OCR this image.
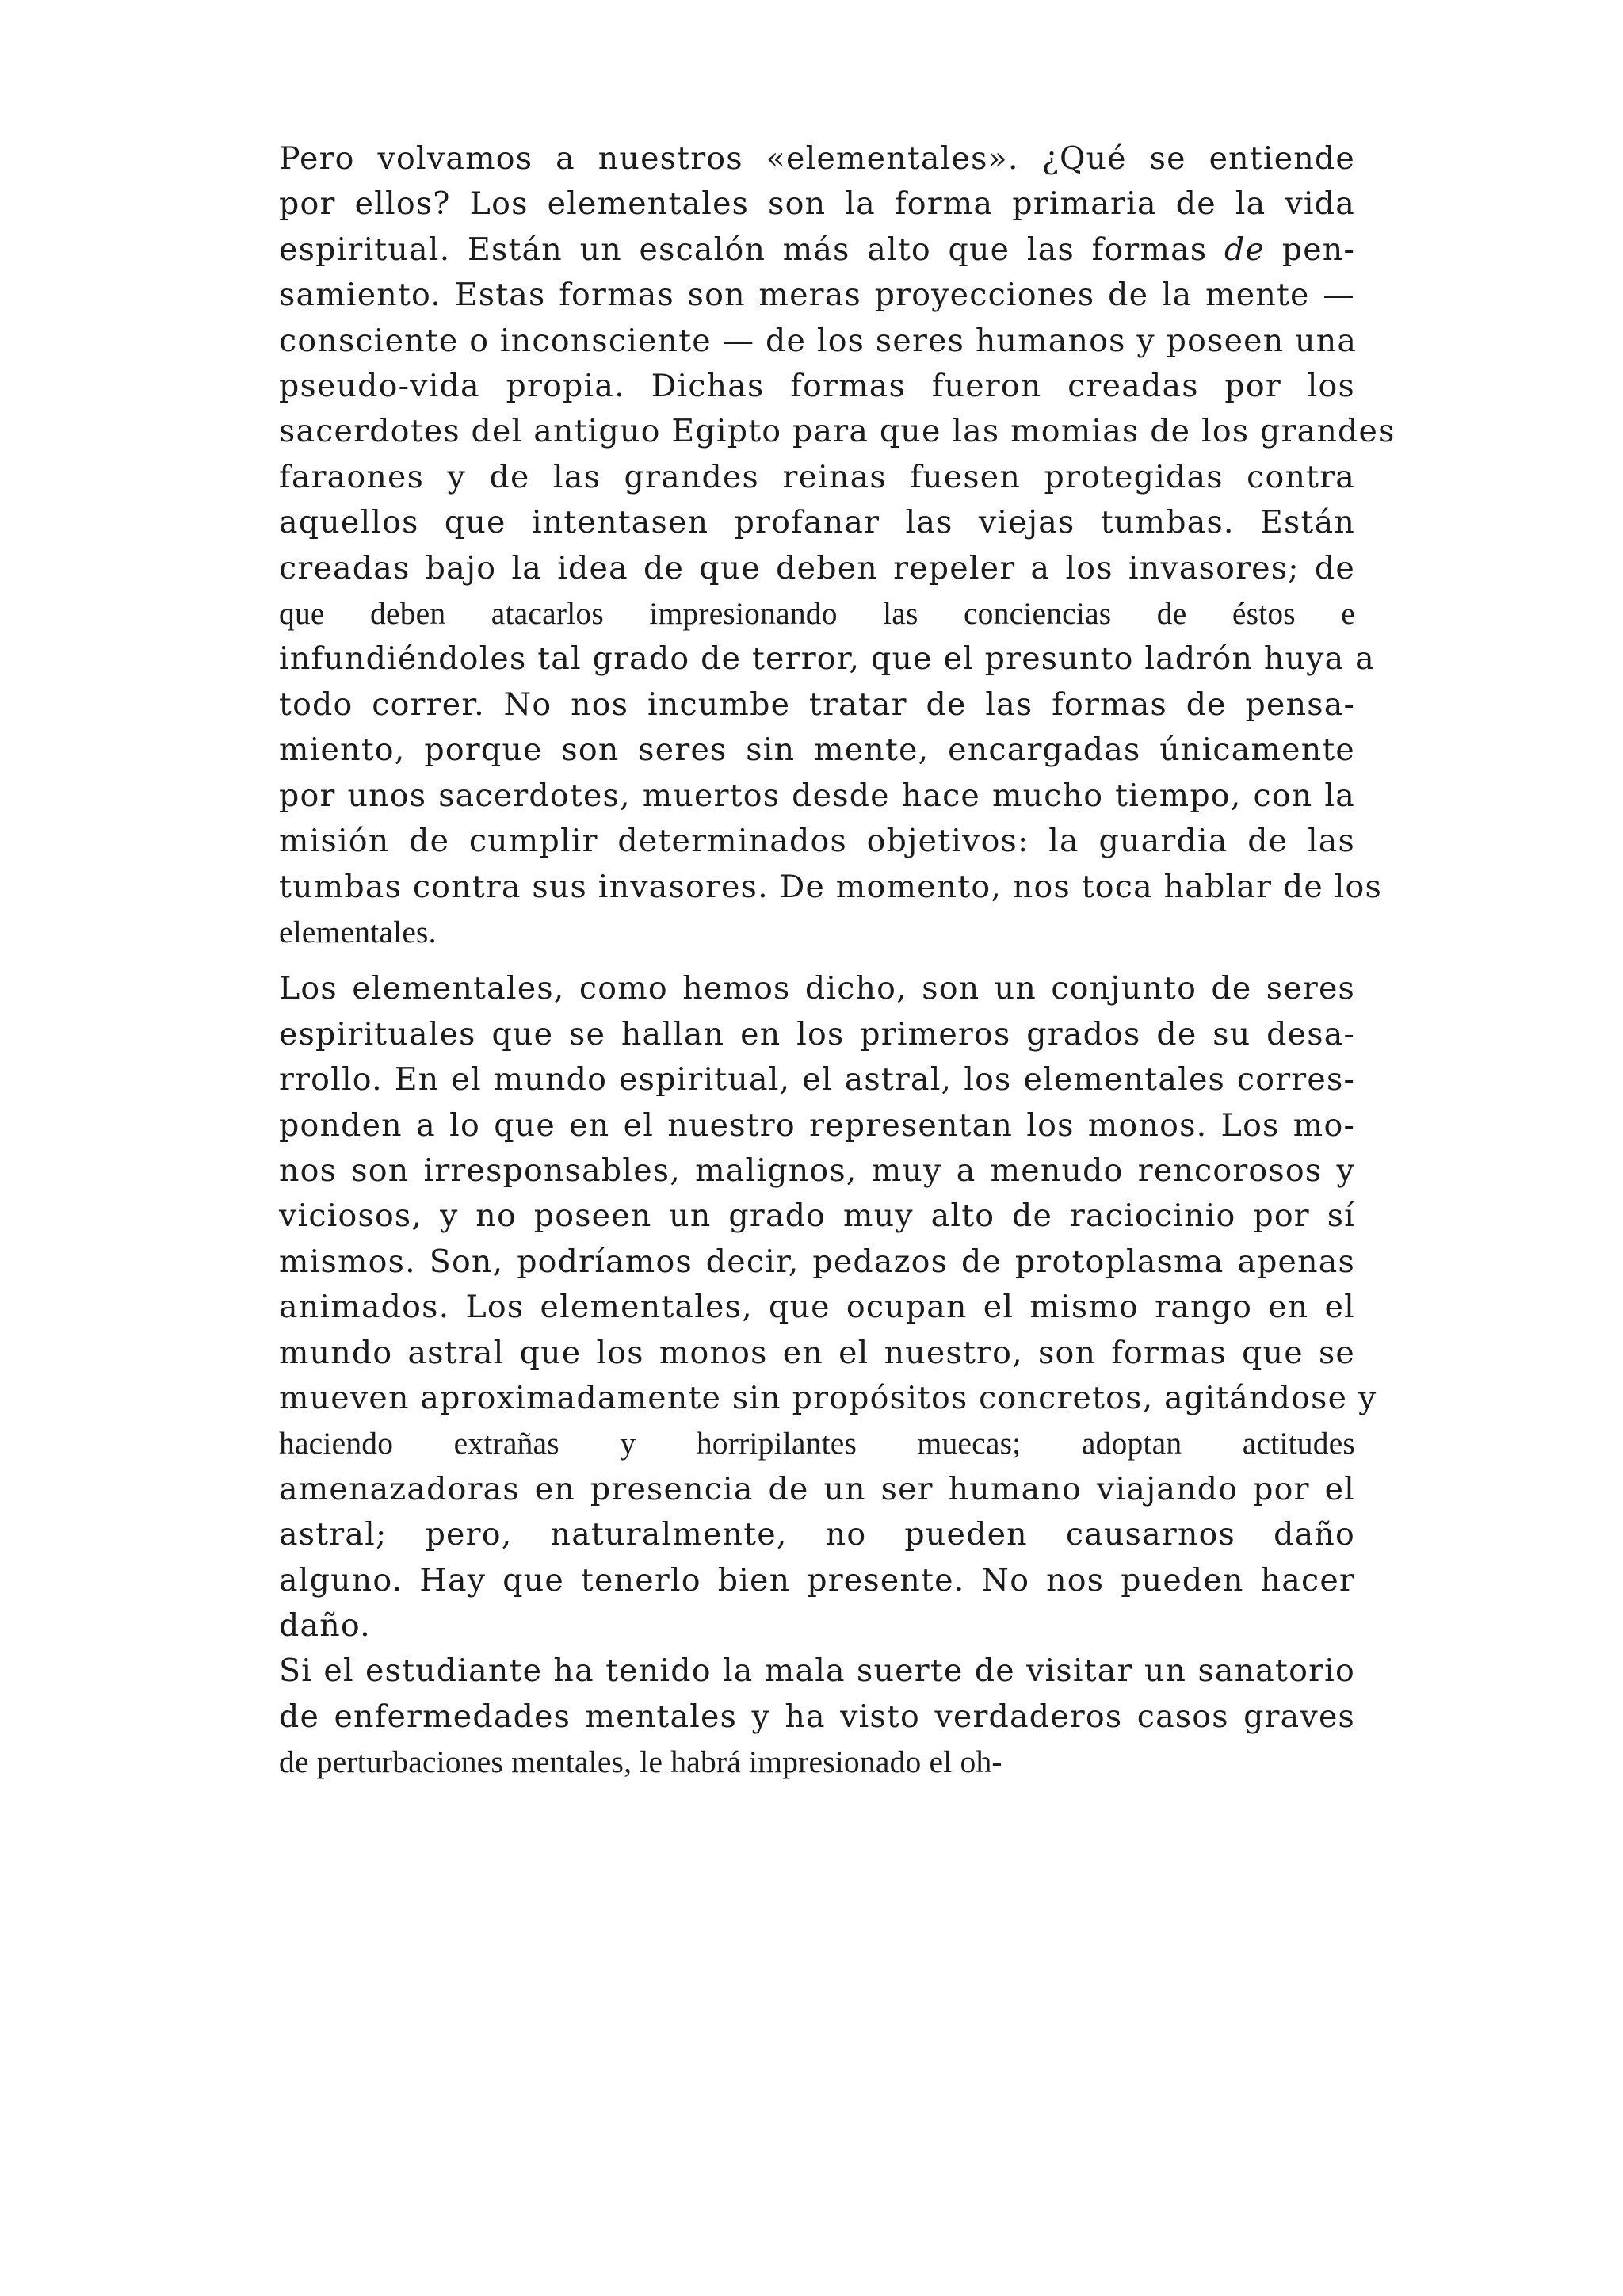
Pero volvamos a nuestros «elementales». ¿Qué se entiende
por ellos? Los elementales son la forma primaria de la vida
espiritual. Están un escalón más alto que las formas de pen-
samiento. Estas formas son meras proyecciones de la mente —
consciente o inconsciente — de los seres humanos y poseen una
pseudo-vida propia. Dichas formas fueron creadas por los
sacerdotes del antiguo Egipto para que las momias de los grandes
faraones y de las grandes reinas fuesen protegidas contra
aquellos que intentasen profanar las viejas tumbas. Están
creadas bajo la idea de que deben repeler a los invasores; de
que deben atacarlos impresionando las conciencias de éstos e
infundiéndoles tal grado de terror, que el presunto ladrón huya a
todo correr. No nos incumbe tratar de las formas de pensa-
miento, porque son seres sin mente, encargadas únicamente
por unos sacerdotes, muertos desde hace mucho tiempo, con la
misión de cumplir determinados objetivos: la guardia de las
tumbas contra sus invasores. De momento, nos toca hablar de los
elementales.

Los elementales, como hemos dicho, son un conjunto de seres
espirituales que se hallan en los primeros grados de su desa-
rrollo. En el mundo espiritual, el astral, los elementales corres-
ponden a lo que en el nuestro representan los monos. Los mo-
nos son irresponsables, malignos, muy a menudo rencorosos y
viciosos, y no poseen un grado muy alto de raciocinio por sí
mismos. Son, podríamos decir, pedazos de protoplasma apenas
animados. Los elementales, que ocupan el mismo rango en el
mundo astral que los monos en el nuestro, son formas que se
mueven aproximadamente sin propósitos concretos, agitándose y
haciendo extrañas y horripilantes muecas; adoptan actitudes
amenazadoras en presencia de un ser humano viajando por el
astral; pero, naturalmente, no pueden causarnos daño
alguno. Hay que tenerlo bien presente. No nos pueden hacer
daño.

Si el estudiante ha tenido la mala suerte de visitar un sanatorio
de enfermedades mentales y ha visto verdaderos casos graves
de perturbaciones mentales, le habrá impresionado el oh-
